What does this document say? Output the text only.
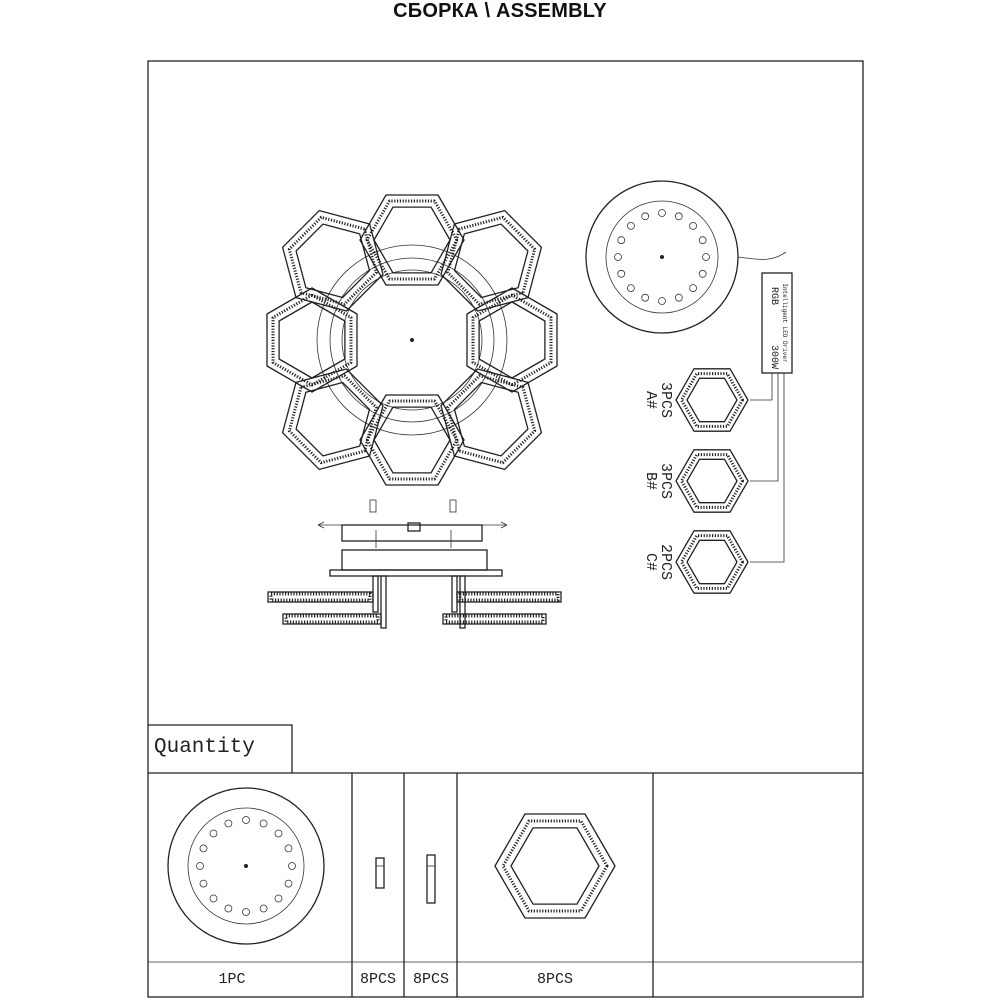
СБОРКА \ ASSEMBLY
Intelligent LED Driver
RGB
300W
3PCS
A#
3PCS
B#
2PCS
C#
Quantity
1PC	8PCS 8PCS	8PCS
